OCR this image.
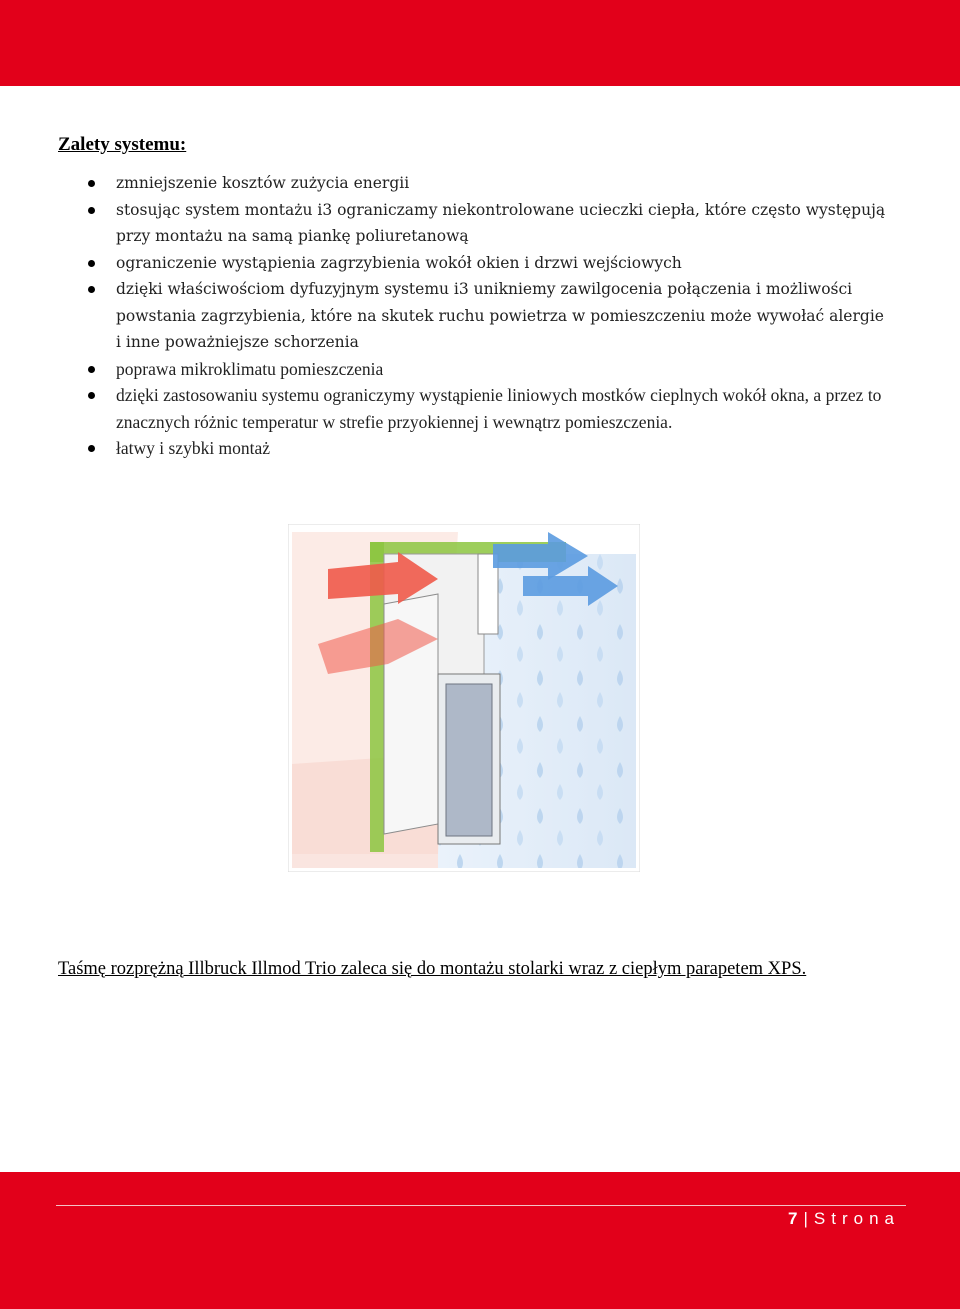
Zalety systemu:
zmniejszenie kosztów zużycia energii
stosując system montażu i3 ograniczamy niekontrolowane ucieczki ciepła, które często występują przy montażu na samą piankę poliuretanową
ograniczenie wystąpienia zagrzybienia wokół okien i drzwi wejściowych
dzięki właściwościom dyfuzyjnym systemu i3 unikniemy zawilgocenia połączenia i możliwości powstania zagrzybienia, które na skutek ruchu powietrza w pomieszczeniu może wywołać alergie i inne poważniejsze schorzenia
poprawa mikroklimatu pomieszczenia
dzięki zastosowaniu systemu ograniczymy wystąpienie liniowych mostków cieplnych wokół okna, a przez to znacznych różnic temperatur w strefie przyokiennej i wewnątrz pomieszczenia.
łatwy i szybki montaż
Taśmę rozprężną Illbruck Illmod Trio zaleca się do montażu stolarki wraz z ciepłym parapetem XPS.
7 | Strona
